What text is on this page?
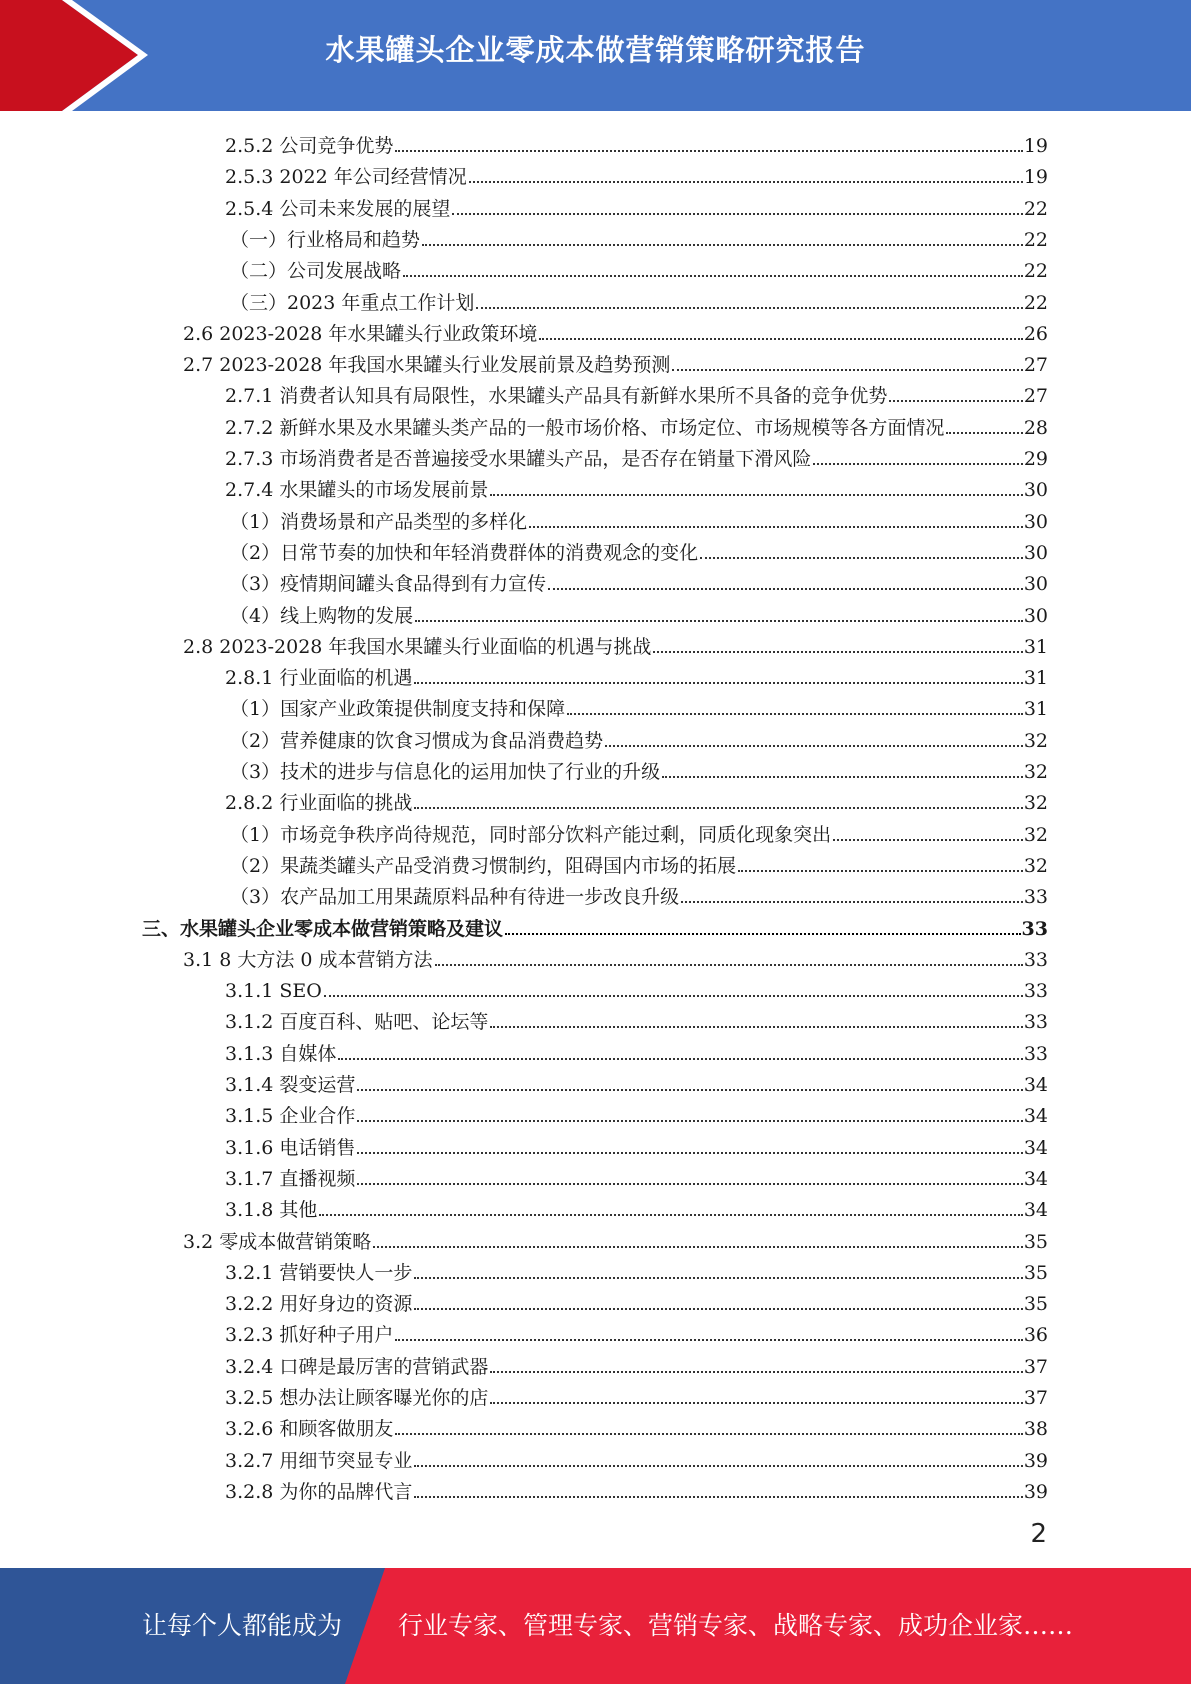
水果罐头企业零成本做营销策略研究报告
2.5.2 公司竞争优势	19
2.5.3 2022 年公司经营情况	19
2.5.4 公司未来发展的展望	22
（一）行业格局和趋势	22
（二）公司发展战略	22
（三）2023 年重点工作计划	22
2.6 2023-2028 年水果罐头行业政策环境	26
2.7 2023-2028 年我国水果罐头行业发展前景及趋势预测	27
2.7.1 消费者认知具有局限性，水果罐头产品具有新鲜水果所不具备的竞争优势	27
2.7.2 新鲜水果及水果罐头类产品的一般市场价格、市场定位、市场规模等各方面情况	28
2.7.3 市场消费者是否普遍接受水果罐头产品，是否存在销量下滑风险	29
2.7.4 水果罐头的市场发展前景	30
（1）消费场景和产品类型的多样化	30
（2）日常节奏的加快和年轻消费群体的消费观念的变化	30
（3）疫情期间罐头食品得到有力宣传	30
（4）线上购物的发展	30
2.8 2023-2028 年我国水果罐头行业面临的机遇与挑战	31
2.8.1 行业面临的机遇	31
（1）国家产业政策提供制度支持和保障	31
（2）营养健康的饮食习惯成为食品消费趋势	32
（3）技术的进步与信息化的运用加快了行业的升级	32
2.8.2 行业面临的挑战	32
（1）市场竞争秩序尚待规范，同时部分饮料产能过剩，同质化现象突出	32
（2）果蔬类罐头产品受消费习惯制约，阻碍国内市场的拓展	32
（3）农产品加工用果蔬原料品种有待进一步改良升级	33
三、水果罐头企业零成本做营销策略及建议	33
3.1 8 大方法 0 成本营销方法	33
3.1.1 SEO	33
3.1.2 百度百科、贴吧、论坛等	33
3.1.3 自媒体	33
3.1.4 裂变运营	34
3.1.5 企业合作	34
3.1.6 电话销售	34
3.1.7 直播视频	34
3.1.8 其他	34
3.2 零成本做营销策略	35
3.2.1 营销要快人一步	35
3.2.2 用好身边的资源	35
3.2.3 抓好种子用户	36
3.2.4 口碑是最厉害的营销武器	37
3.2.5 想办法让顾客曝光你的店	37
3.2.6 和顾客做朋友	38
3.2.7 用细节突显专业	39
3.2.8 为你的品牌代言	39
2
让每个人都能成为 行业专家、管理专家、营销专家、战略专家、成功企业家……
